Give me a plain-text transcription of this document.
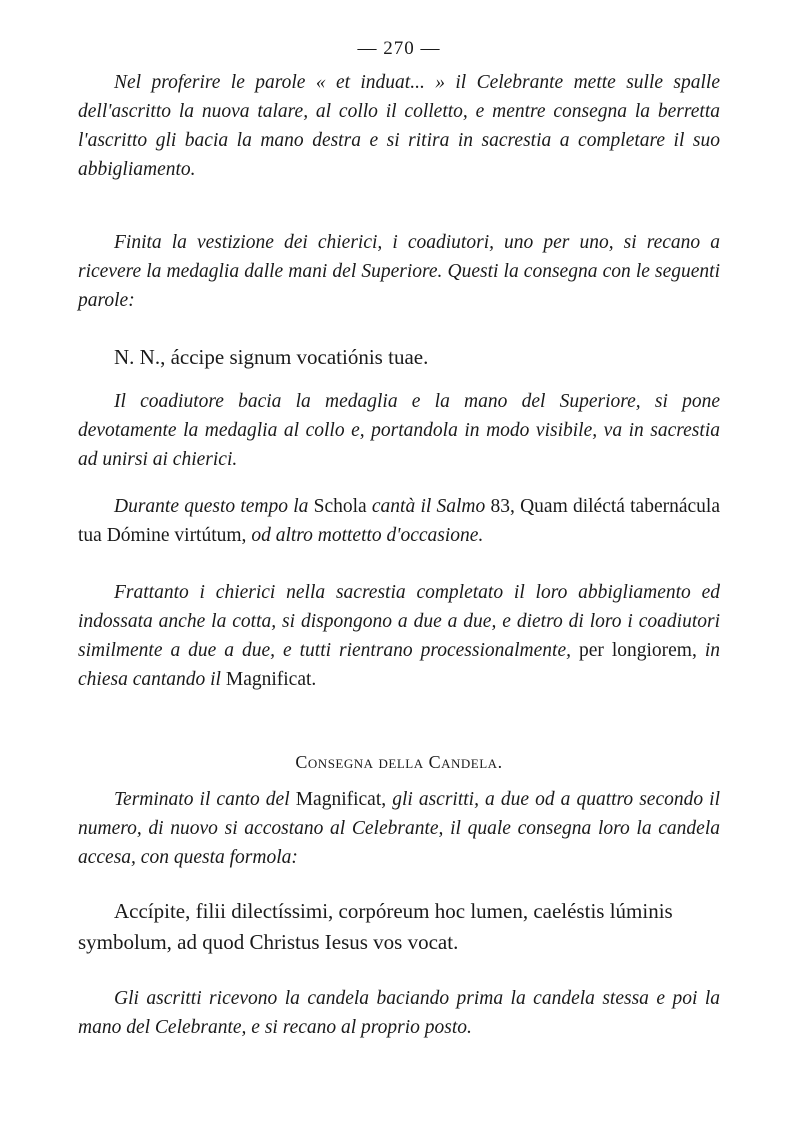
— 270 —

Nel proferire le parole « et induat... » il Celebrante mette sulle spalle dell'ascritto la nuova talare, al collo il colletto, e mentre consegna la berretta l'ascritto gli bacia la mano destra e si ritira in sacrestia a completare il suo abbigliamento.

Finita la vestizione dei chierici, i coadiutori, uno per uno, si recano a ricevere la medaglia dalle mani del Superiore. Questi la consegna con le seguenti parole:

N. N., áccipe signum vocatiónis tuae.

Il coadiutore bacia la medaglia e la mano del Superiore, si pone devotamente la medaglia al collo e, portandola in modo visibile, va in sacrestia ad unirsi ai chierici.

Durante questo tempo la Schola cantà il Salmo 83, Quam diléctá tabernácula tua Dómine virtútum, od altro mottetto d'occasione.

Frattanto i chierici nella sacrestia completato il loro abbigliamento ed indossata anche la cotta, si dispongono a due a due, e dietro di loro i coadiutori similmente a due a due, e tutti rientrano processionalmente, per longiorem, in chiesa cantando il Magnificat.

Consegna della Candela.

Terminato il canto del Magnificat, gli ascritti, a due od a quattro secondo il numero, di nuovo si accostano al Celebrante, il quale consegna loro la candela accesa, con questa formola:

Accípite, filii dilectíssimi, corpóreum hoc lumen, caeléstis lúminis symbolum, ad quod Christus Iesus vos vocat.

Gli ascritti ricevono la candela baciando prima la candela stessa e poi la mano del Celebrante, e si recano al proprio posto.
